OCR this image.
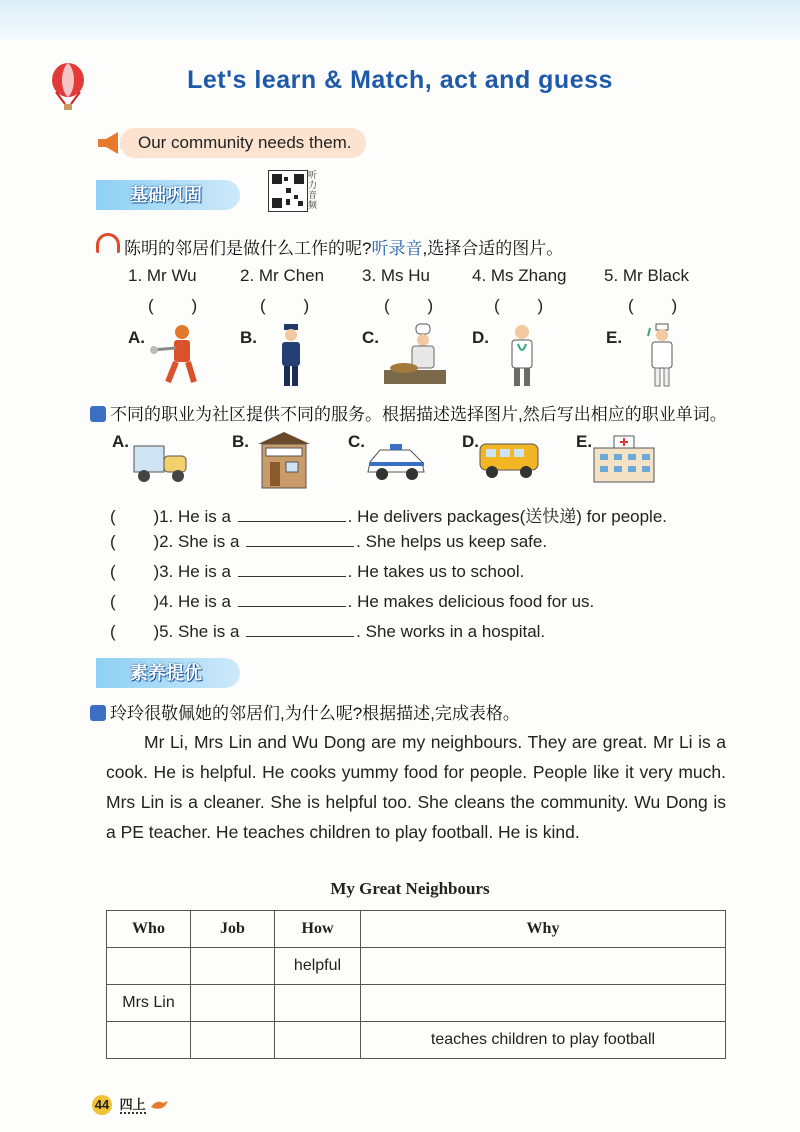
Let's learn & Match, act and guess
Our community needs them.
基础巩固
听力音频
陈明的邻居们是做什么工作的呢?听录音,选择合适的图片。
1. Mr Wu	2. Mr Chen 3. Ms Hu 4. Ms Zhang 5. Mr Black
(        )	(        )	(        )	(        )	(        )
A.	B.	C.	D.	E.
不同的职业为社区提供不同的服务。根据描述选择图片,然后写出相应的职业单词。
A.	B.	C.	D.	E.
(        )1. He is a	. He delivers packages(送快递) for people.
(        )2. She is a	. She helps us keep safe.
(        )3. He is a	. He takes us to school.
(        )4. He is a	. He makes delicious food for us.
(        )5. She is a	. She works in a hospital.
素养提优
玲玲很敬佩她的邻居们,为什么呢?根据描述,完成表格。

Mr Li, Mrs Lin and Wu Dong are my neighbours. They are great. Mr Li is a cook. He is helpful. He cooks yummy food for people. People like it very much. Mrs Lin is a cleaner. She is helpful too. She cleans the community. Wu Dong is a PE teacher. He teaches children to play football. He is kind.

My Great Neighbours
Who	Job	How	Why
		helpful	
Mrs Lin			
			teaches children to play football
44 四上
